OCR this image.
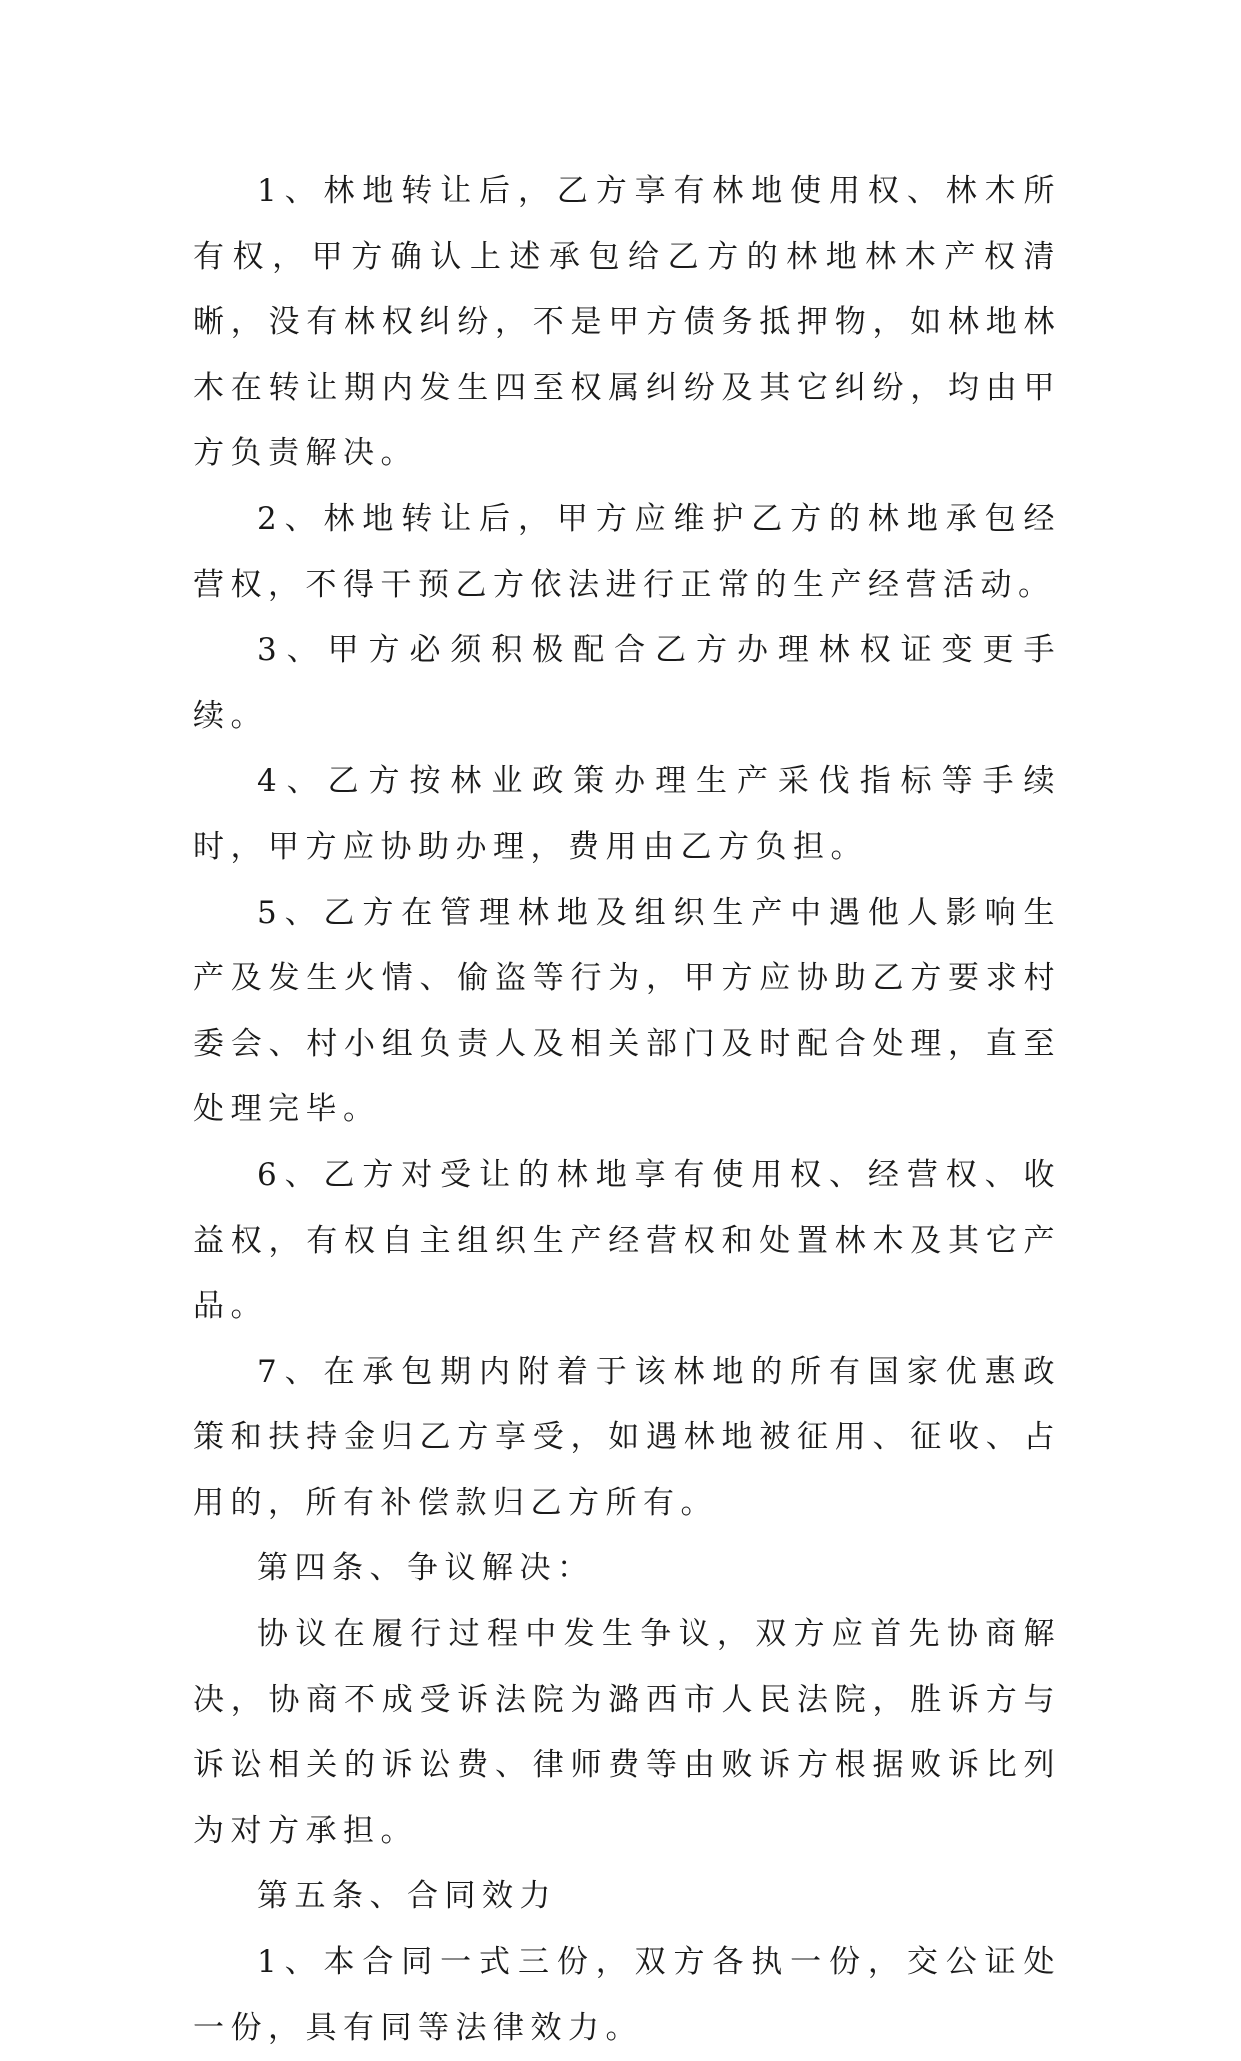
1、林地转让后，乙方享有林地使用权、林木所有权，甲方确认上述承包给乙方的林地林木产权清晰，没有林权纠纷，不是甲方债务抵押物，如林地林木在转让期内发生四至权属纠纷及其它纠纷，均由甲方负责解决。

2、林地转让后，甲方应维护乙方的林地承包经营权，不得干预乙方依法进行正常的生产经营活动。

3、甲方必须积极配合乙方办理林权证变更手续。

4、乙方按林业政策办理生产采伐指标等手续时，甲方应协助办理，费用由乙方负担。

5、乙方在管理林地及组织生产中遇他人影响生产及发生火情、偷盗等行为，甲方应协助乙方要求村委会、村小组负责人及相关部门及时配合处理，直至处理完毕。

6、乙方对受让的林地享有使用权、经营权、收益权，有权自主组织生产经营权和处置林木及其它产品。

7、在承包期内附着于该林地的所有国家优惠政策和扶持金归乙方享受，如遇林地被征用、征收、占用的，所有补偿款归乙方所有。

第四条、争议解决：

协议在履行过程中发生争议，双方应首先协商解决，协商不成受诉法院为潞西市人民法院，胜诉方与诉讼相关的诉讼费、律师费等由败诉方根据败诉比列为对方承担。

第五条、合同效力

1、本合同一式三份，双方各执一份，交公证处一份，具有同等法律效力。
